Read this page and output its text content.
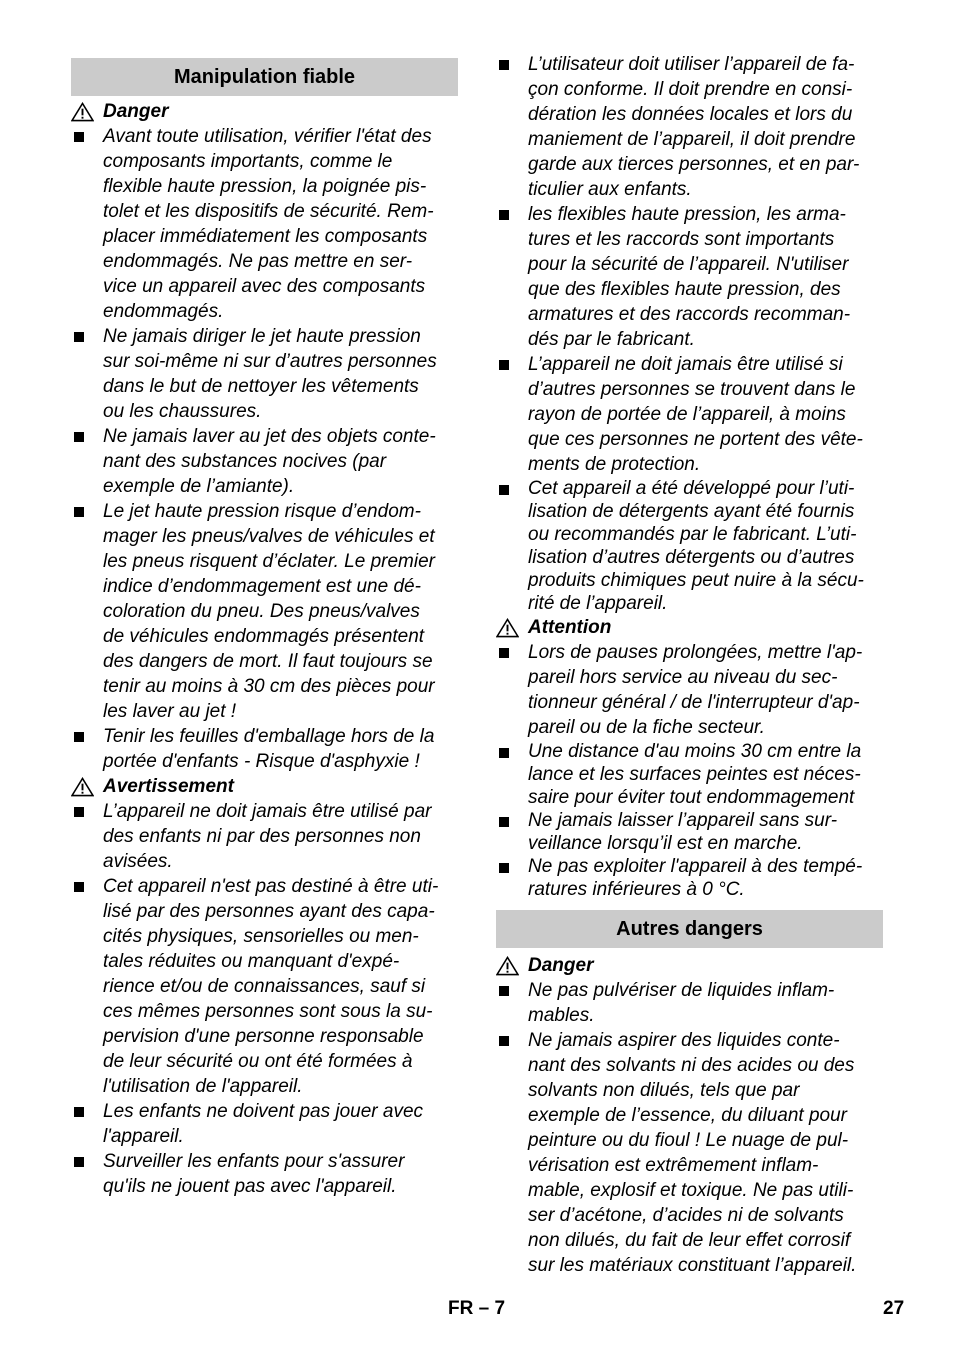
Manipulation fiable
Danger
Avant toute utilisation, vérifier l'état des
composants importants, comme le
flexible haute pression, la poignée pis-
tolet et les dispositifs de sécurité. Rem-
placer immédiatement les composants
endommagés. Ne pas mettre en ser-
vice un appareil avec des composants
endommagés.
Ne jamais diriger le jet haute pression
sur soi-même ni sur d’autres personnes
dans le but de nettoyer les vêtements
ou les chaussures.
Ne jamais laver au jet des objets conte-
nant des substances nocives (par
exemple de l’amiante).
Le jet haute pression risque d’endom-
mager les pneus/valves de véhicules et
les pneus risquent d’éclater. Le premier
indice d’endommagement est une dé-
coloration du pneu. Des pneus/valves
de véhicules endommagés présentent
des dangers de mort. Il faut toujours se
tenir au moins à 30 cm des pièces pour
les laver au jet !
Tenir les feuilles d'emballage hors de la
portée d'enfants - Risque d'asphyxie !
Avertissement
L’appareil ne doit jamais être utilisé par
des enfants ni par des personnes non
avisées.
Cet appareil n'est pas destiné à être uti-
lisé par des personnes ayant des capa-
cités physiques, sensorielles ou men-
tales réduites ou manquant d'expé-
rience et/ou de connaissances, sauf si
ces mêmes personnes sont sous la su-
pervision d'une personne responsable
de leur sécurité ou ont été formées à
l'utilisation de l'appareil.
Les enfants ne doivent pas jouer avec
l'appareil.
Surveiller les enfants pour s'assurer
qu'ils ne jouent pas avec l'appareil.
L’utilisateur doit utiliser l’appareil de fa-
çon conforme. Il doit prendre en consi-
dération les données locales et lors du
maniement de l’appareil, il doit prendre
garde aux tierces personnes, et en par-
ticulier aux enfants.
les flexibles haute pression, les arma-
tures et les raccords sont importants
pour la sécurité de l’appareil. N'utiliser
que des flexibles haute pression, des
armatures et des raccords recomman-
dés par le fabricant.
L’appareil ne doit jamais être utilisé si
d’autres personnes se trouvent dans le
rayon de portée de l’appareil, à moins
que ces personnes ne portent des vête-
ments de protection.
Cet appareil a été développé pour l’uti-
lisation de détergents ayant été fournis
ou recommandés par le fabricant. L’uti-
lisation d’autres détergents ou d’autres
produits chimiques peut nuire à la sécu-
rité de l’appareil.
Attention
Lors de pauses prolongées, mettre l'ap-
pareil hors service au niveau du sec-
tionneur général / de l'interrupteur d'ap-
pareil ou de la fiche secteur.
Une distance d'au moins 30 cm entre la
lance et les surfaces peintes est néces-
saire pour éviter tout endommagement
Ne jamais laisser l’appareil sans sur-
veillance lorsqu’il est en marche.
Ne pas exploiter l'appareil à des tempé-
ratures inférieures à 0 °C.
Autres dangers
Danger
Ne pas pulvériser de liquides inflam-
mables.
Ne jamais aspirer des liquides conte-
nant des solvants ni des acides ou des
solvants non dilués, tels que par
exemple de l’essence, du diluant pour
peinture ou du fioul ! Le nuage de pul-
vérisation est extrêmement inflam-
mable, explosif et toxique. Ne pas utili-
ser d’acétone, d’acides ni de solvants
non dilués, du fait de leur effet corrosif
sur les matériaux constituant l’appareil.
FR – 7	27
